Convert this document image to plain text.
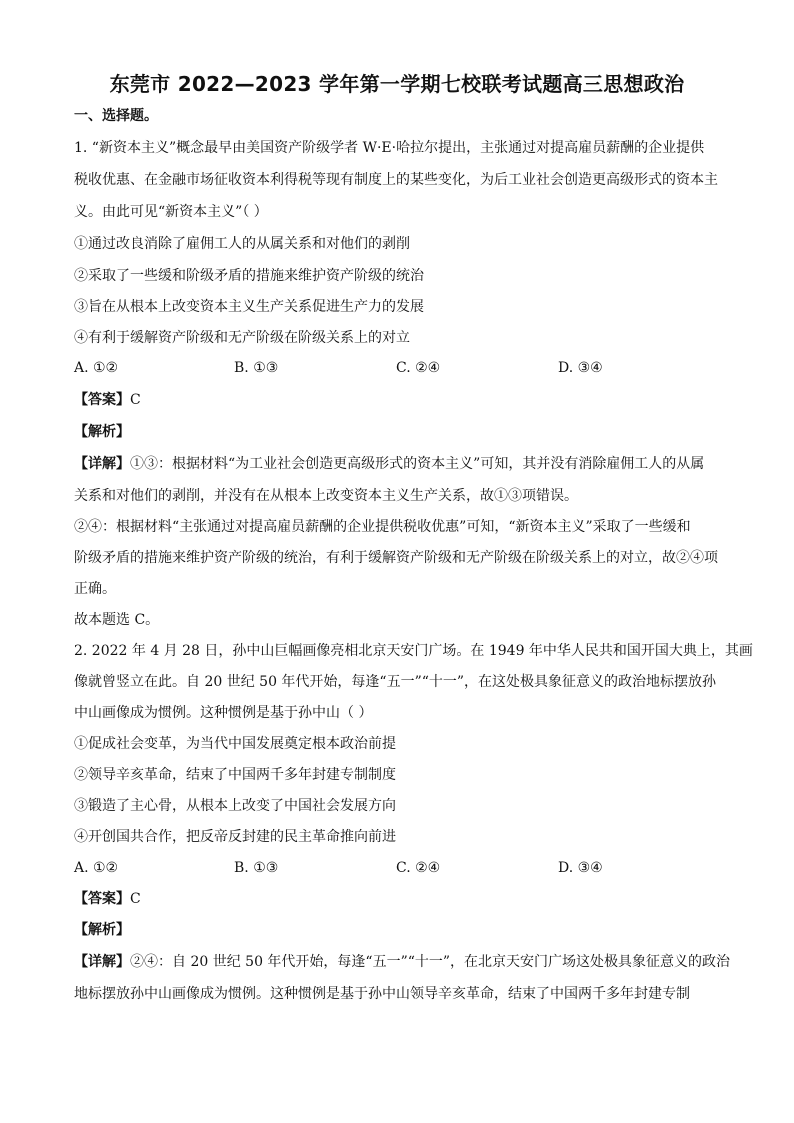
东莞市 2022—2023 学年第一学期七校联考试题高三思想政治
一、选择题。
1. “新资本主义”概念最早由美国资产阶级学者 W·E·哈拉尔提出，主张通过对提高雇员薪酬的企业提供
税收优惠、在金融市场征收资本利得税等现有制度上的某些变化，为后工业社会创造更高级形式的资本主
义。由此可见“新资本主义”（ ）
①通过改良消除了雇佣工人的从属关系和对他们的剥削
②采取了一些缓和阶级矛盾的措施来维护资产阶级的统治
③旨在从根本上改变资本主义生产关系促进生产力的发展
④有利于缓解资产阶级和无产阶级在阶级关系上的对立
A. ①②	B. ①③	C. ②④	D. ③④
【答案】C
【解析】
【详解】①③：根据材料“为工业社会创造更高级形式的资本主义”可知，其并没有消除雇佣工人的从属
关系和对他们的剥削，并没有在从根本上改变资本主义生产关系，故①③项错误。
②④：根据材料“主张通过对提高雇员薪酬的企业提供税收优惠”可知，“新资本主义”采取了一些缓和
阶级矛盾的措施来维护资产阶级的统治，有利于缓解资产阶级和无产阶级在阶级关系上的对立，故②④项
正确。
故本题选 C。
2. 2022 年 4 月 28 日，孙中山巨幅画像亮相北京天安门广场。在 1949 年中华人民共和国开国大典上，其画
像就曾竖立在此。自 20 世纪 50 年代开始，每逢“五一”“十一”，在这处极具象征意义的政治地标摆放孙
中山画像成为惯例。这种惯例是基于孙中山（ ）
①促成社会变革，为当代中国发展奠定根本政治前提
②领导辛亥革命，结束了中国两千多年封建专制制度
③锻造了主心骨，从根本上改变了中国社会发展方向
④开创国共合作，把反帝反封建的民主革命推向前进
A. ①②	B. ①③	C. ②④	D. ③④
【答案】C
【解析】
【详解】②④：自 20 世纪 50 年代开始，每逢“五一”“十一”，在北京天安门广场这处极具象征意义的政治
地标摆放孙中山画像成为惯例。这种惯例是基于孙中山领导辛亥革命，结束了中国两千多年封建专制
